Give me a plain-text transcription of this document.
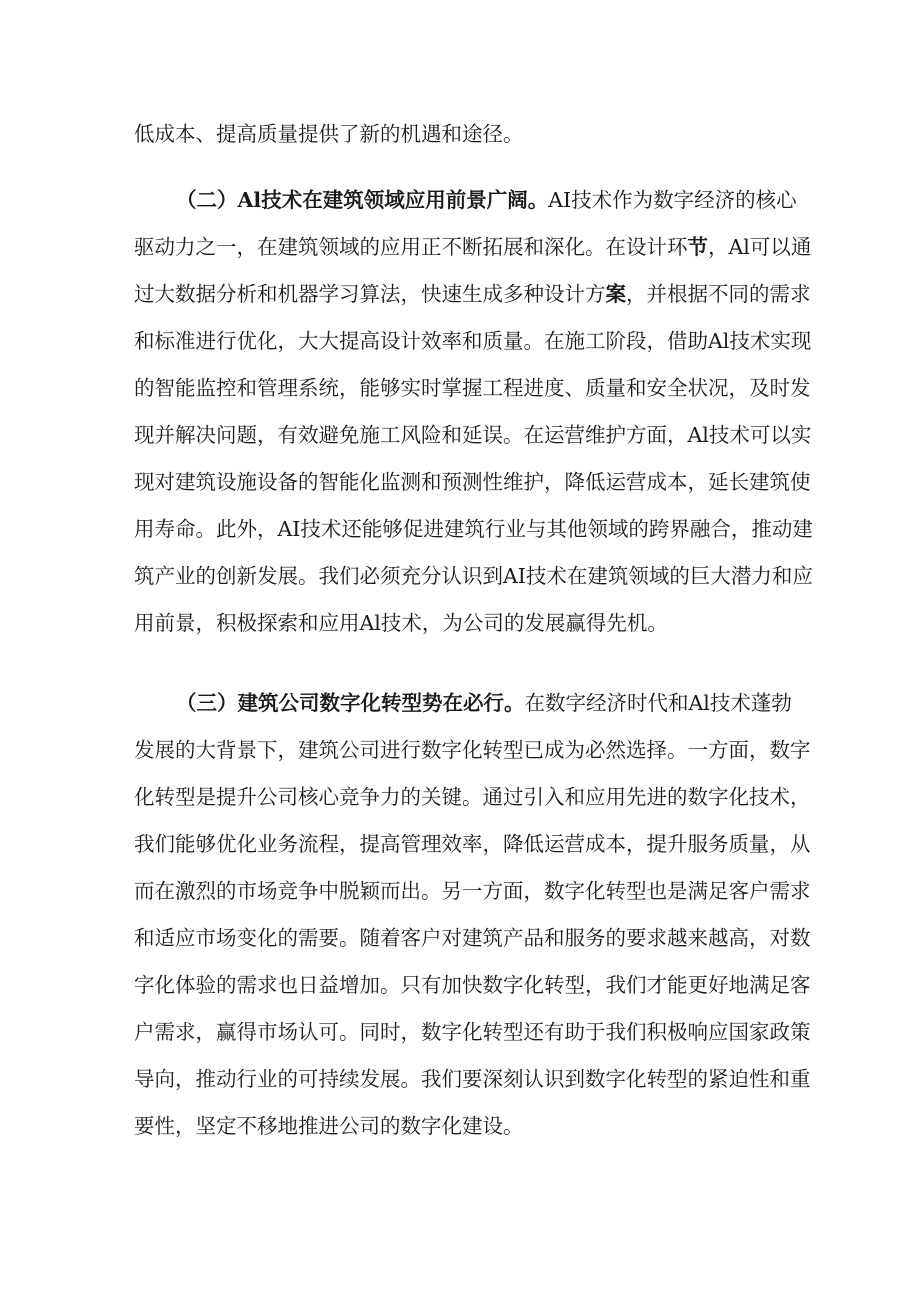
低成本、提高质量提供了新的机遇和途径。
（二）Al技术在建筑领域应用前景广阔。AI技术作为数字经济的核心
驱动力之一，在建筑领域的应用正不断拓展和深化。在设计环节，Al可以通
过大数据分析和机器学习算法，快速生成多种设计方案，并根据不同的需求
和标准进行优化，大大提高设计效率和质量。在施工阶段，借助Al技术实现
的智能监控和管理系统，能够实时掌握工程进度、质量和安全状况，及时发
现并解决问题，有效避免施工风险和延误。在运营维护方面，Al技术可以实
现对建筑设施设备的智能化监测和预测性维护，降低运营成本，延长建筑使
用寿命。此外，AI技术还能够促进建筑行业与其他领域的跨界融合，推动建
筑产业的创新发展。我们必须充分认识到AI技术在建筑领域的巨大潜力和应
用前景，积极探索和应用Al技术，为公司的发展赢得先机。
（三）建筑公司数字化转型势在必行。在数字经济时代和Al技术蓬勃
发展的大背景下，建筑公司进行数字化转型已成为必然选择。一方面，数字
化转型是提升公司核心竞争力的关键。通过引入和应用先进的数字化技术，
我们能够优化业务流程，提高管理效率，降低运营成本，提升服务质量，从
而在激烈的市场竞争中脱颖而出。另一方面，数字化转型也是满足客户需求
和适应市场变化的需要。随着客户对建筑产品和服务的要求越来越高，对数
字化体验的需求也日益增加。只有加快数字化转型，我们才能更好地满足客
户需求，赢得市场认可。同时，数字化转型还有助于我们积极响应国家政策
导向，推动行业的可持续发展。我们要深刻认识到数字化转型的紧迫性和重
要性，坚定不移地推进公司的数字化建设。
